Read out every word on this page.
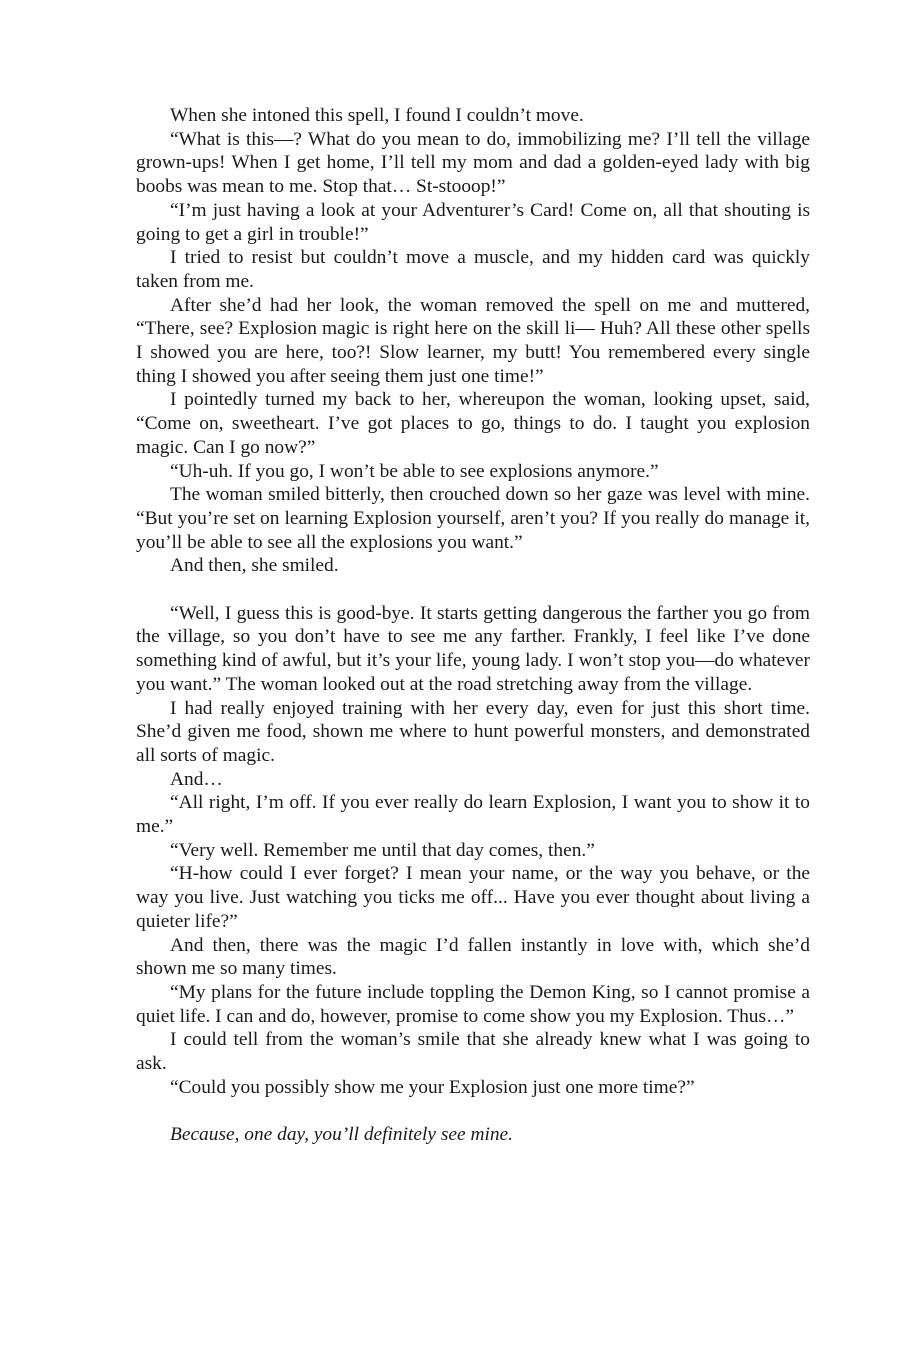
When she intoned this spell, I found I couldn’t move.

“What is this—? What do you mean to do, immobilizing me? I’ll tell the village grown-ups! When I get home, I’ll tell my mom and dad a golden-eyed lady with big boobs was mean to me. Stop that… St-stooop!”

“I’m just having a look at your Adventurer’s Card! Come on, all that shouting is going to get a girl in trouble!”

I tried to resist but couldn’t move a muscle, and my hidden card was quickly taken from me.

After she’d had her look, the woman removed the spell on me and muttered, “There, see? Explosion magic is right here on the skill li— Huh? All these other spells I showed you are here, too?! Slow learner, my butt! You remembered every single thing I showed you after seeing them just one time!”

I pointedly turned my back to her, whereupon the woman, looking upset, said, “Come on, sweetheart. I’ve got places to go, things to do. I taught you explosion magic. Can I go now?”

“Uh-uh. If you go, I won’t be able to see explosions anymore.”

The woman smiled bitterly, then crouched down so her gaze was level with mine. “But you’re set on learning Explosion yourself, aren’t you? If you really do manage it, you’ll be able to see all the explosions you want.”

And then, she smiled.

“Well, I guess this is good-bye. It starts getting dangerous the farther you go from the village, so you don’t have to see me any farther. Frankly, I feel like I’ve done something kind of awful, but it’s your life, young lady. I won’t stop you—do whatever you want.” The woman looked out at the road stretching away from the village.

I had really enjoyed training with her every day, even for just this short time. She’d given me food, shown me where to hunt powerful monsters, and demonstrated all sorts of magic.

And…

“All right, I’m off. If you ever really do learn Explosion, I want you to show it to me.”

“Very well. Remember me until that day comes, then.”

“H-how could I ever forget? I mean your name, or the way you behave, or the way you live. Just watching you ticks me off... Have you ever thought about living a quieter life?”

And then, there was the magic I’d fallen instantly in love with, which she’d shown me so many times.

“My plans for the future include toppling the Demon King, so I cannot promise a quiet life. I can and do, however, promise to come show you my Explosion. Thus…”

I could tell from the woman’s smile that she already knew what I was going to ask.

“Could you possibly show me your Explosion just one more time?”

Because, one day, you’ll definitely see mine.
